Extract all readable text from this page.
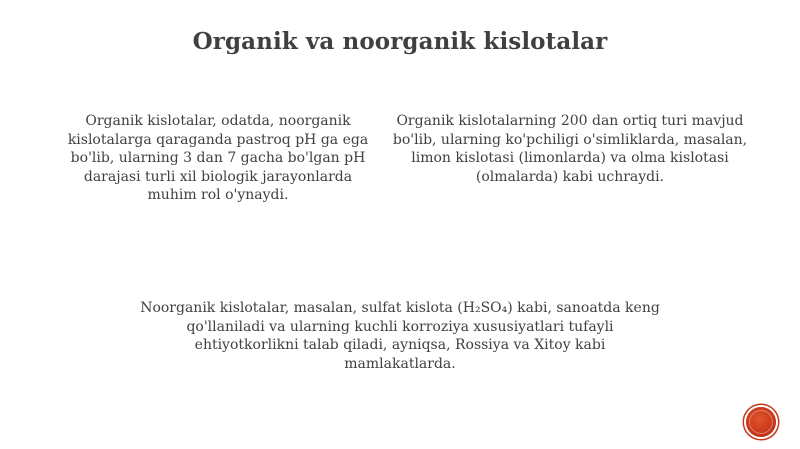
Organik va noorganik kislotalar

Organik kislotalar, odatda, noorganik kislotalarga qaraganda pastroq pH ga ega bo'lib, ularning 3 dan 7 gacha bo'lgan pH darajasi turli xil biologik jarayonlarda muhim rol o'ynaydi.

Organik kislotalarning 200 dan ortiq turi mavjud bo'lib, ularning ko'pchiligi o'simliklarda, masalan, limon kislotasi (limonlarda) va olma kislotasi (olmalarda) kabi uchraydi.

Noorganik kislotalar, masalan, sulfat kislota (H₂SO₄) kabi, sanoatda keng qo'llaniladi va ularning kuchli korroziya xususiyatlari tufayli ehtiyotkorlikni talab qiladi, ayniqsa, Rossiya va Xitoy kabi mamlakatlarda.
